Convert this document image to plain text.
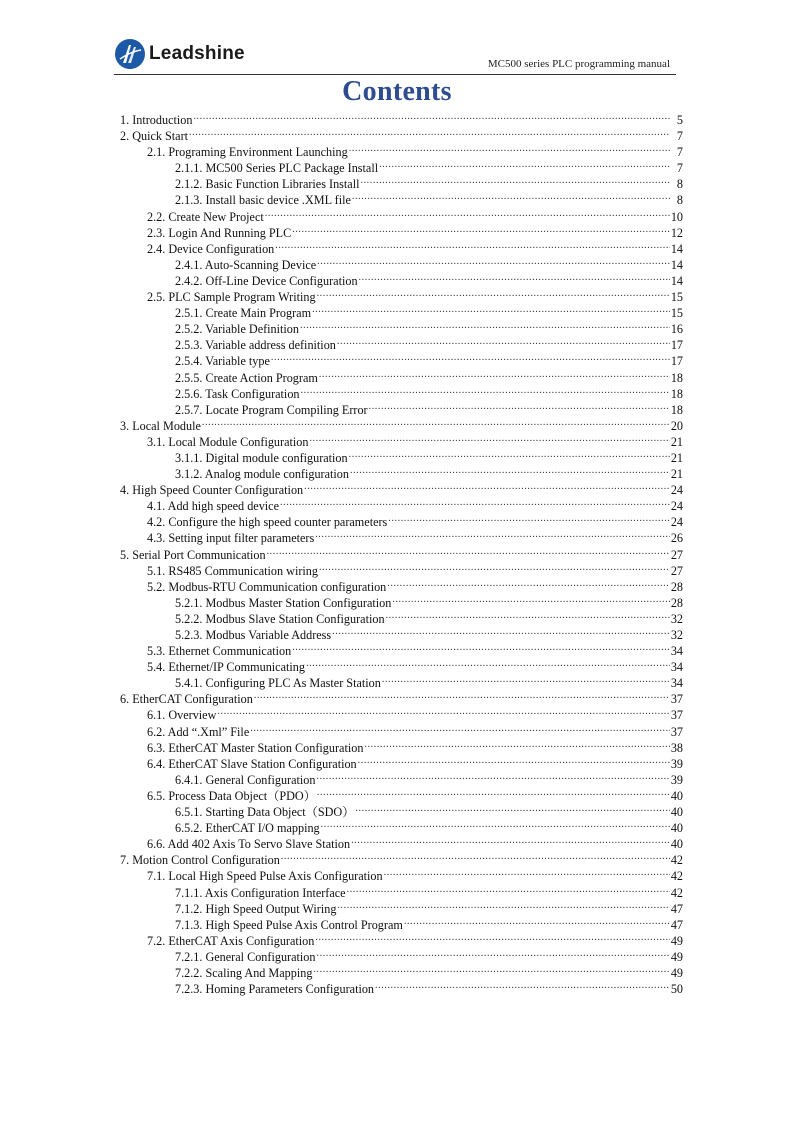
Leadshine	MC500 series PLC programming manual
Contents
1. Introduction .....	5
2. Quick Start .....	7
2.1. Programing Environment Launching .....	7
2.1.1. MC500 Series PLC Package Install .....	7
2.1.2. Basic Function Libraries Install .....	8
2.1.3. Install basic device .XML file .....	8
2.2. Create New Project .....	10
2.3. Login And Running PLC .....	12
2.4. Device Configuration .....	14
2.4.1. Auto-Scanning Device .....	14
2.4.2. Off-Line Device Configuration .....	14
2.5. PLC Sample Program Writing .....	15
2.5.1. Create Main Program .....	15
2.5.2. Variable Definition .....	16
2.5.3. Variable address definition .....	17
2.5.4. Variable type .....	17
2.5.5. Create Action Program .....	18
2.5.6. Task Configuration .....	18
2.5.7. Locate Program Compiling Error .....	18
3. Local Module .....	20
3.1. Local Module Configuration .....	21
3.1.1. Digital module configuration .....	21
3.1.2. Analog module configuration .....	21
4. High Speed Counter Configuration .....	24
4.1. Add high speed device .....	24
4.2. Configure the high speed counter parameters .....	24
4.3. Setting input filter parameters .....	26
5. Serial Port Communication .....	27
5.1. RS485 Communication wiring .....	27
5.2. Modbus-RTU Communication configuration .....	28
5.2.1. Modbus Master Station Configuration .....	28
5.2.2. Modbus Slave Station Configuration .....	32
5.2.3. Modbus Variable Address .....	32
5.3. Ethernet Communication .....	34
5.4. Ethernet/IP Communicating .....	34
5.4.1. Configuring PLC As Master Station .....	34
6. EtherCAT Configuration .....	37
6.1. Overview .....	37
6.2. Add “.Xml” File .....	37
6.3. EtherCAT Master Station Configuration .....	38
6.4. EtherCAT Slave Station Configuration .....	39
6.4.1. General Configuration .....	39
6.5. Process Data Object（PDO） .....	40
6.5.1. Starting Data Object（SDO） .....	40
6.5.2. EtherCAT I/O mapping .....	40
6.6. Add 402 Axis To Servo Slave Station .....	40
7. Motion Control Configuration .....	42
7.1. Local High Speed Pulse Axis Configuration .....	42
7.1.1. Axis Configuration Interface .....	42
7.1.2. High Speed Output Wiring .....	47
7.1.3. High Speed Pulse Axis Control Program .....	47
7.2. EtherCAT Axis Configuration .....	49
7.2.1. General Configuration .....	49
7.2.2. Scaling And Mapping .....	49
7.2.3. Homing Parameters Configuration .....	50
